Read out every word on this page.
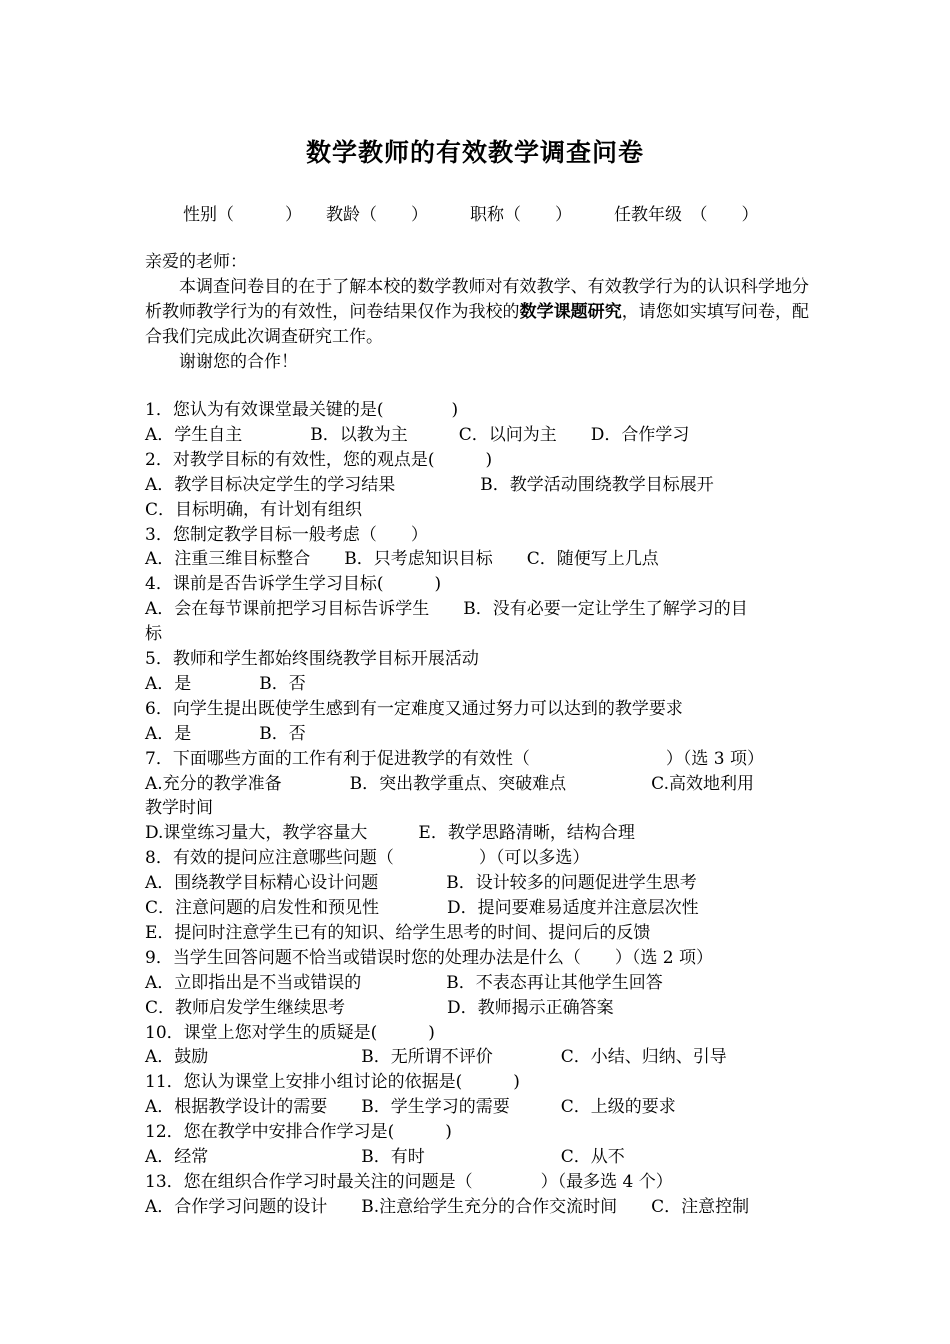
数学教师的有效教学调查问卷
性别（　　　） 教龄（　　） 职称（　　） 任教年级　（　　）
亲爱的老师：

本调查问卷目的在于了解本校的数学教师对有效教学、有效教学行为的认识科学地分析教师教学行为的有效性，问卷结果仅作为我校的数学课题研究，请您如实填写问卷，配合我们完成此次调查研究工作。

谢谢您的合作！
1．您认为有效课堂最关键的是(　　　　)
A．学生自主　　　　B．以教为主　　　C．以问为主　　D．合作学习
2．对教学目标的有效性，您的观点是(　　　)
A．教学目标决定学生的学习结果　　　　　B．教学活动围绕教学目标展开
C．目标明确，有计划有组织
3．您制定教学目标一般考虑（　　）
A．注重三维目标整合　　B．只考虑知识目标　　C．随便写上几点
4．课前是否告诉学生学习目标(　　　)
A．会在每节课前把学习目标告诉学生　　B．没有必要一定让学生了解学习的目
标
5．教师和学生都始终围绕教学目标开展活动
A．是　　　　B．否
6．向学生提出既使学生感到有一定难度又通过努力可以达到的教学要求
A．是　　　　B．否
7．下面哪些方面的工作有利于促进教学的有效性（　　　　　　　　）（选 3 项）
A.充分的教学准备　　　　B．突出教学重点、突破难点　　　　　C.高效地利用
教学时间
D.课堂练习量大，教学容量大　　　E．教学思路清晰，结构合理
8．有效的提问应注意哪些问题（　　　　　）（可以多选）
A．围绕教学目标精心设计问题　　　　B．设计较多的问题促进学生思考
C．注意问题的启发性和预见性　　　　D．提问要难易适度并注意层次性
E．提问时注意学生已有的知识、给学生思考的时间、提问后的反馈
9．当学生回答问题不恰当或错误时您的处理办法是什么（　　）（选 2 项）
A．立即指出是不当或错误的　　　　　B．不表态再让其他学生回答
C．教师启发学生继续思考　　　　　　D．教师揭示正确答案
10．课堂上您对学生的质疑是(　　　)
A．鼓励　　　　　　　　　B．无所谓不评价　　　　C．小结、归纳、引导
11．您认为课堂上安排小组讨论的依据是(　　　)
A．根据教学设计的需要　　B．学生学习的需要　　　C．上级的要求
12．您在教学中安排合作学习是(　　　)
A．经常　　　　　　　　　B．有时　　　　　　　　C．从不
13．您在组织合作学习时最关注的问题是（　　　　）（最多选 4 个）
A．合作学习问题的设计　　B.注意给学生充分的合作交流时间　　C．注意控制
